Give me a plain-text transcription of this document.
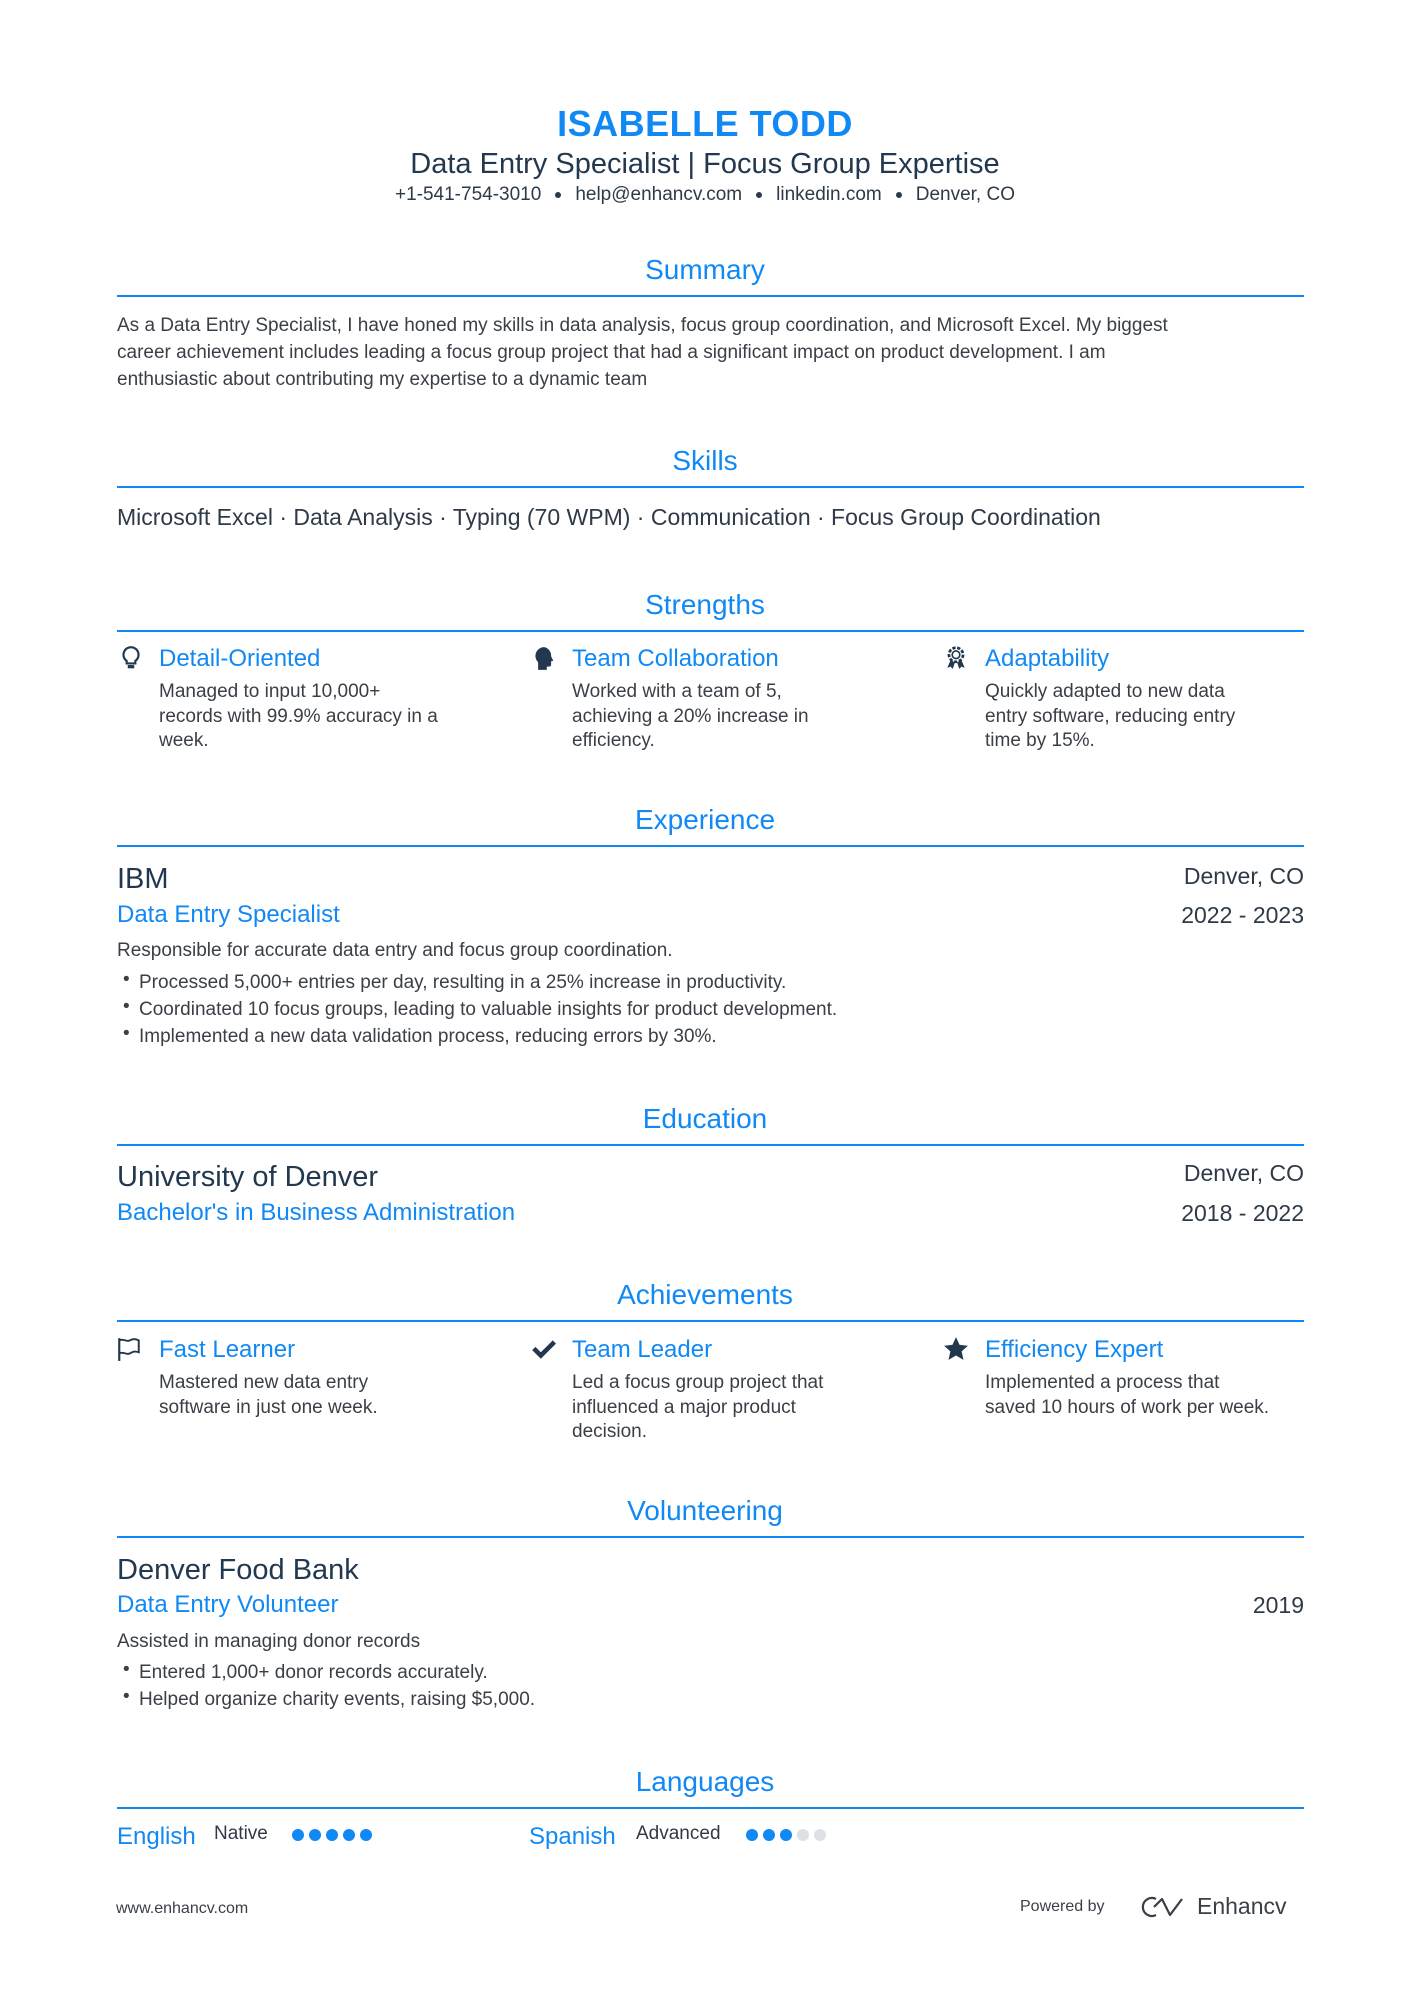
ISABELLE TODD
Data Entry Specialist | Focus Group Expertise
+1-541-754-3010 help@enhancv.com linkedin.com Denver, CO
Summary
As a Data Entry Specialist, I have honed my skills in data analysis, focus group coordination, and Microsoft Excel. My biggest
career achievement includes leading a focus group project that had a significant impact on product development. I am
enthusiastic about contributing my expertise to a dynamic team
Skills
Microsoft Excel · Data Analysis · Typing (70 WPM) · Communication · Focus Group Coordination
Strengths
Detail-Oriented
Managed to input 10,000+
records with 99.9% accuracy in a
week.
Team Collaboration
Worked with a team of 5,
achieving a 20% increase in
efficiency.
Adaptability
Quickly adapted to new data
entry software, reducing entry
time by 15%.
Experience
IBM	Denver, CO
Data Entry Specialist	2022 - 2023
Responsible for accurate data entry and focus group coordination.
• Processed 5,000+ entries per day, resulting in a 25% increase in productivity.
• Coordinated 10 focus groups, leading to valuable insights for product development.
• Implemented a new data validation process, reducing errors by 30%.
Education
University of Denver	Denver, CO
Bachelor's in Business Administration	2018 - 2022
Achievements
Fast Learner
Mastered new data entry
software in just one week.
Team Leader
Led a focus group project that
influenced a major product
decision.
Efficiency Expert
Implemented a process that
saved 10 hours of work per week.
Volunteering
Denver Food Bank
Data Entry Volunteer	2019
Assisted in managing donor records
• Entered 1,000+ donor records accurately.
• Helped organize charity events, raising $5,000.
Languages
English Native	Spanish Advanced
www.enhancv.com	Powered by	Enhancv
